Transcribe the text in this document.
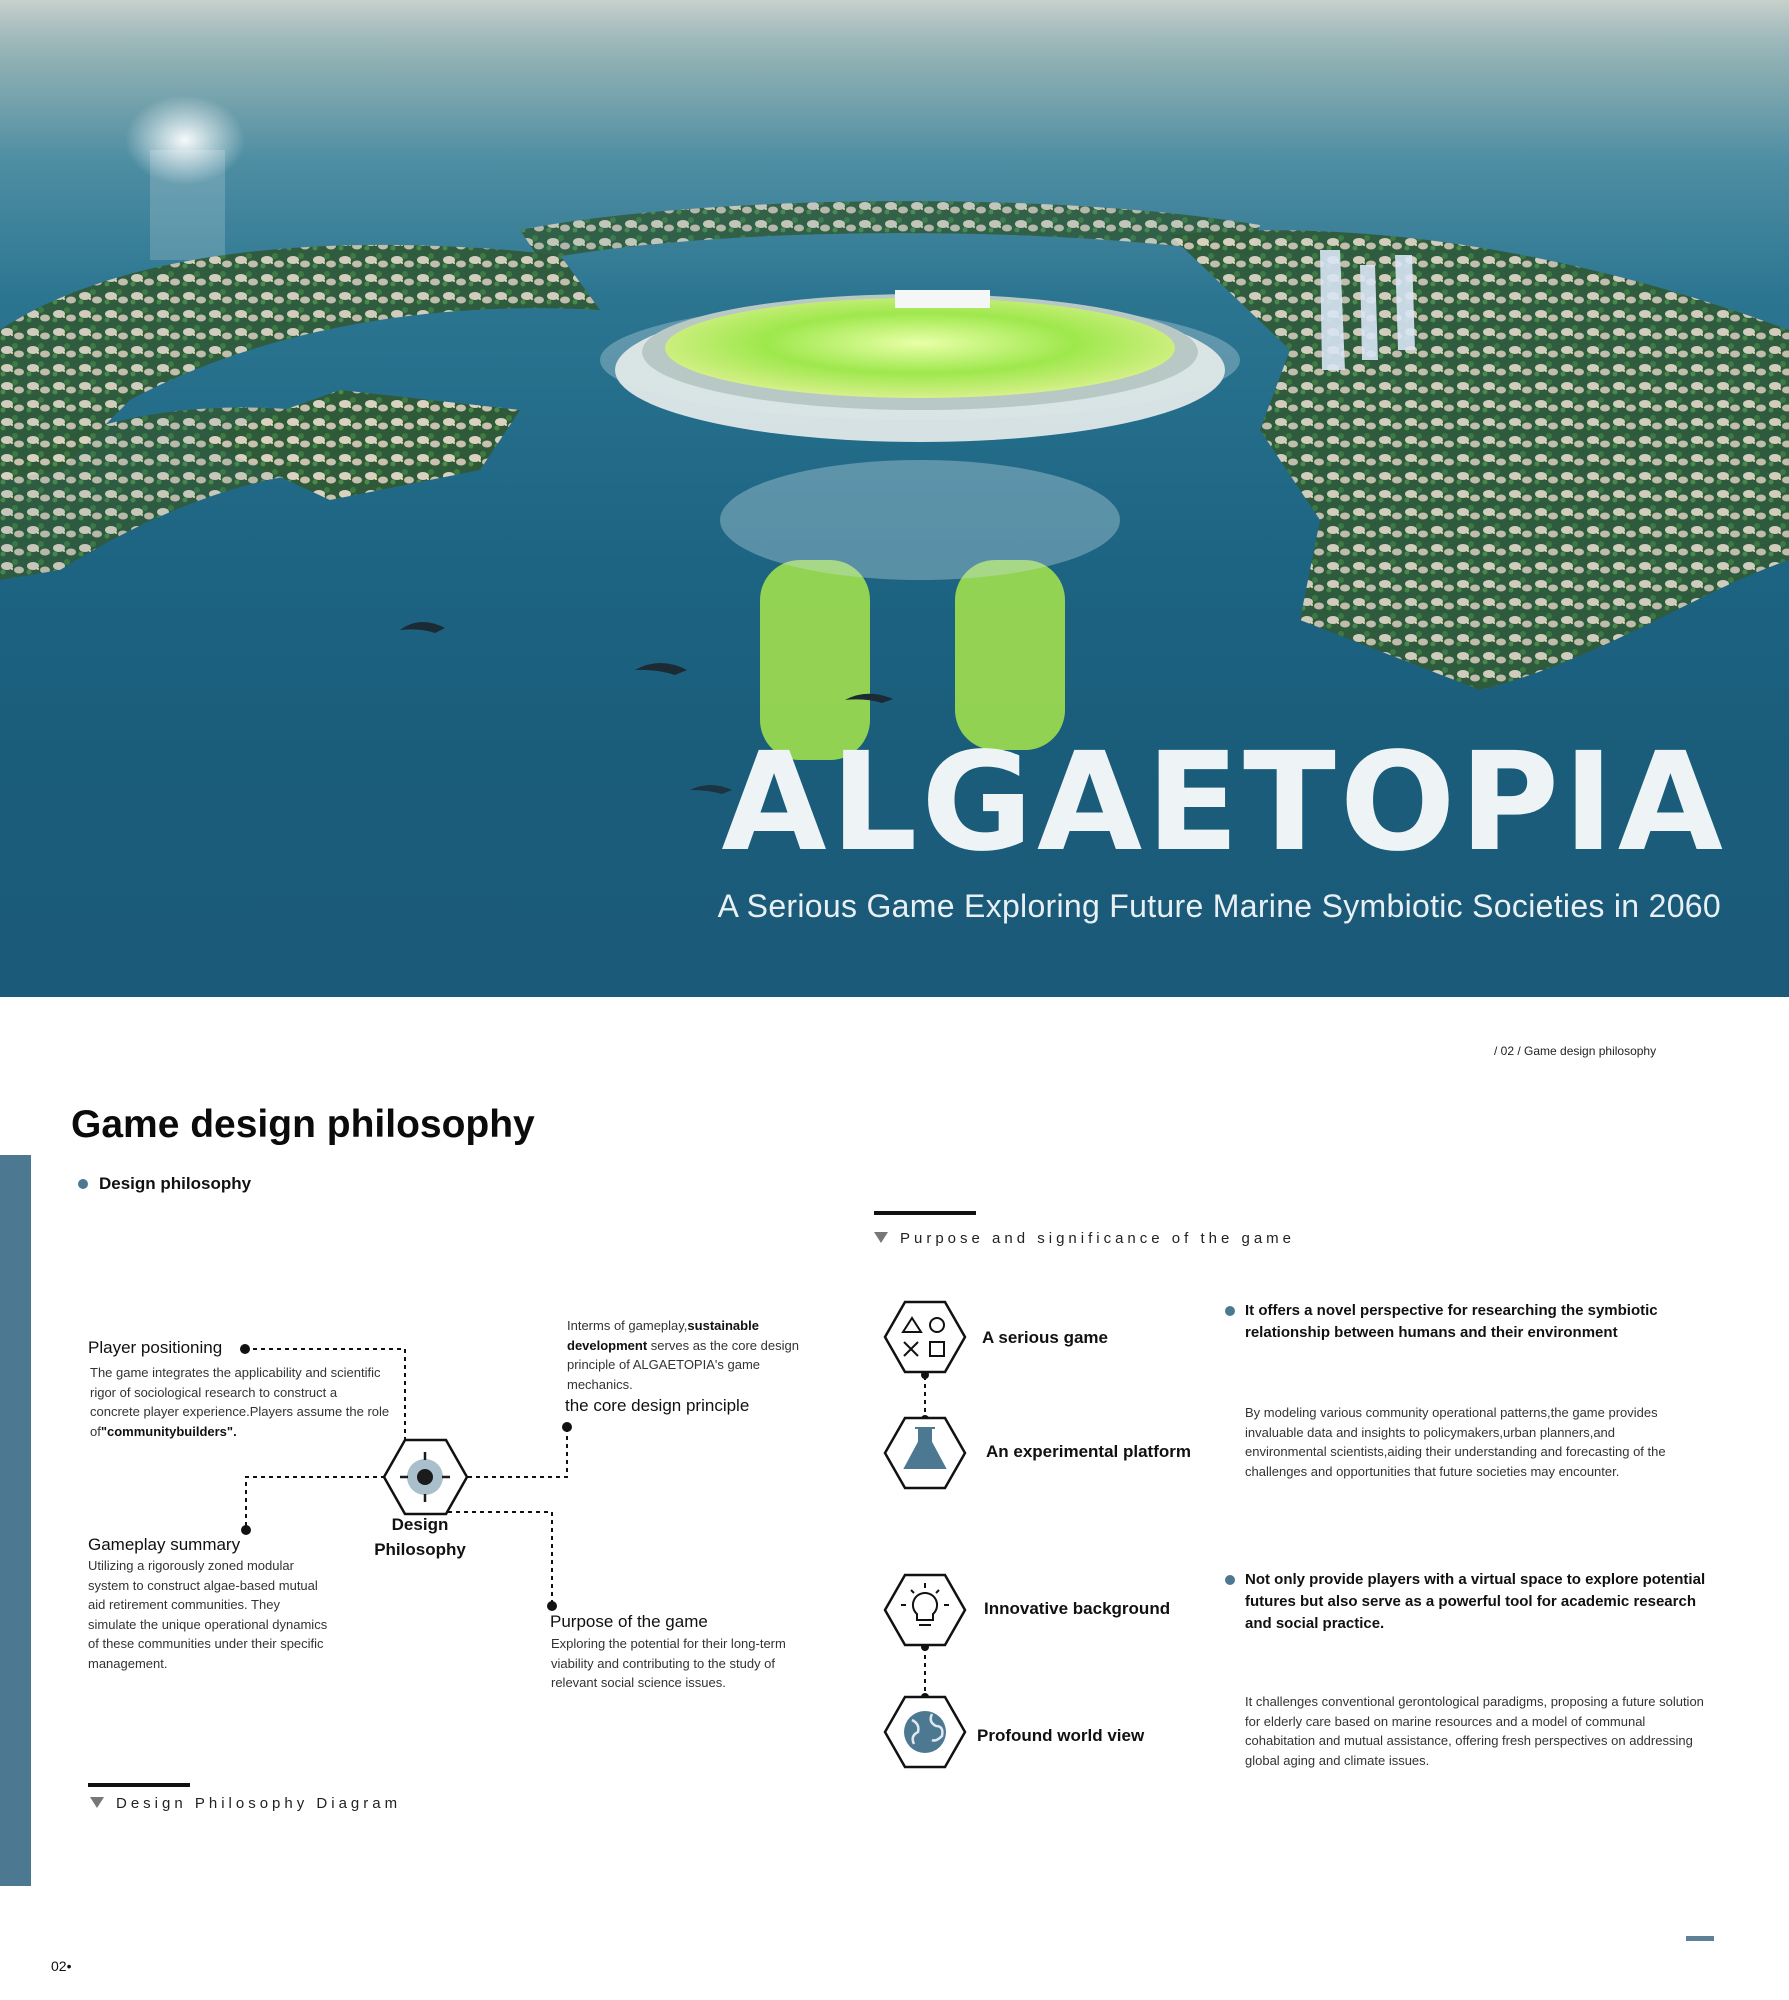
ALGAETOPIA
A Serious Game Exploring Future Marine Symbiotic Societies in 2060
/ 02 / Game design philosophy
Game design philosophy
Design philosophy
Player positioning
The game integrates the applicability and scientific rigor of sociological research to construct a concrete player experience.Players assume the role of"communitybuilders".
Interms of gameplay,sustainable development serves as the core design principle of ALGAETOPIA's game mechanics.
the core design principle
Design
Philosophy
Gameplay summary
Utilizing a rigorously zoned modular system to construct algae-based mutual aid retirement communities. They simulate the unique operational dynamics of these communities under their specific management.
Purpose of the game
Exploring the potential for their long-term viability and contributing to the study of relevant social science issues.
Design Philosophy Diagram
Purpose and significance of the game
A serious game
An experimental platform
Innovative background
Profound world view
It offers a novel perspective for researching the symbiotic relationship between humans and their environment
By modeling various community operational patterns,the game provides invaluable data and insights to policymakers,urban planners,and environmental scientists,aiding their understanding and forecasting of the challenges and opportunities that future societies may encounter.
Not only provide players with a virtual space to explore potential futures but also serve as a powerful tool for academic research and social practice.
It challenges conventional gerontological paradigms, proposing a future solution for elderly care based on marine resources and a model of communal cohabitation and mutual assistance, offering fresh perspectives on addressing global aging and climate issues.
02•
